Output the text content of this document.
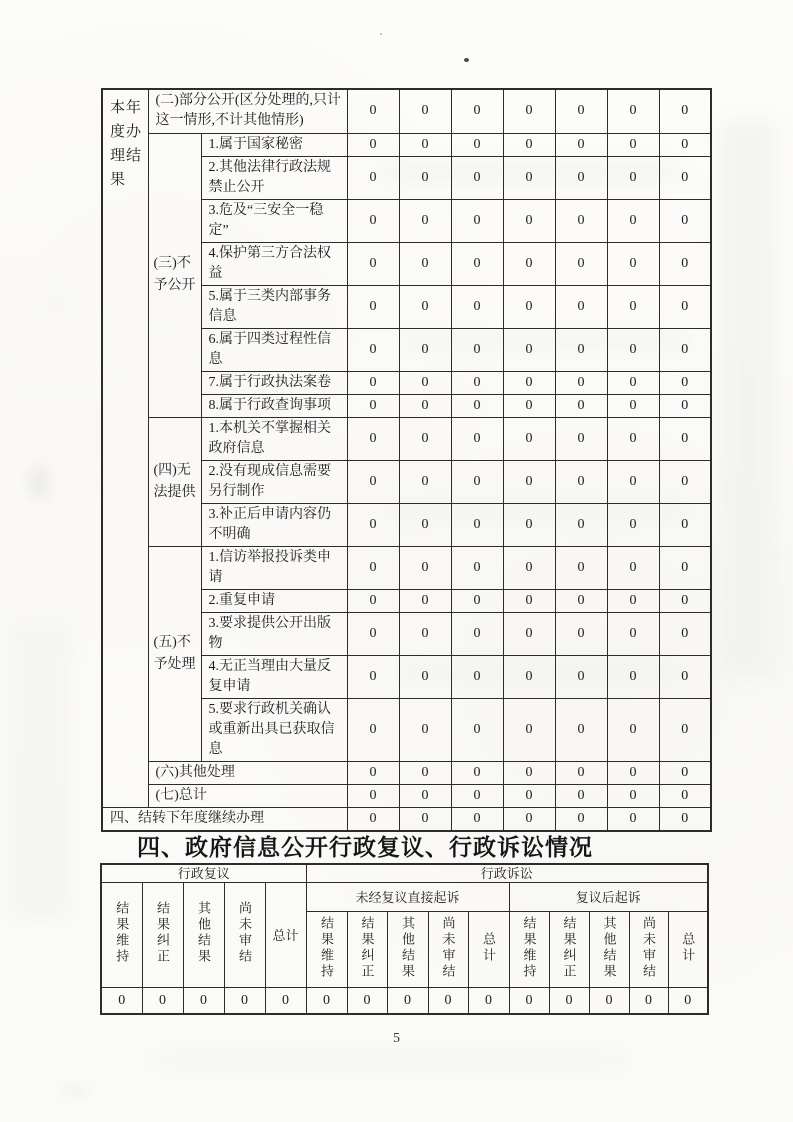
本年度办理结果	(二)部分公开(区分处理的,只计这一情形,不计其他情形)		0	0	0	0	0	0	0
	(三)不予公开	1.属于国家秘密	0	0	0	0	0	0	0
		2.其他法律行政法规禁止公开	0	0	0	0	0	0	0
		3.危及“三安全一稳定”	0	0	0	0	0	0	0
		4.保护第三方合法权益	0	0	0	0	0	0	0
		5.属于三类内部事务信息	0	0	0	0	0	0	0
		6.属于四类过程性信息	0	0	0	0	0	0	0
		7.属于行政执法案卷	0	0	0	0	0	0	0
		8.属于行政查询事项	0	0	0	0	0	0	0
	(四)无法提供	1.本机关不掌握相关政府信息	0	0	0	0	0	0	0
		2.没有现成信息需要另行制作	0	0	0	0	0	0	0
		3.补正后申请内容仍不明确	0	0	0	0	0	0	0
	(五)不予处理	1.信访举报投诉类申请	0	0	0	0	0	0	0
		2.重复申请	0	0	0	0	0	0	0
		3.要求提供公开出版物	0	0	0	0	0	0	0
		4.无正当理由大量反复申请	0	0	0	0	0	0	0
		5.要求行政机关确认或重新出具已获取信息	0	0	0	0	0	0	0
	(六)其他处理		0	0	0	0	0	0	0
	(七)总计		0	0	0	0	0	0	0
四、结转下年度继续办理			0	0	0	0	0	0	0
四、政府信息公开行政复议、行政诉讼情况
行政复议					行政诉讼									
结果维持	结果纠正	其他结果	尚未审结	总计	未经复议直接起诉					复议后起诉				
					结果维持	结果纠正	其他结果	尚未审结	总计	结果维持	结果纠正	其他结果	尚未审结	总计
0	0	0	0	0	0	0	0	0	0	0	0	0	0	0
5
